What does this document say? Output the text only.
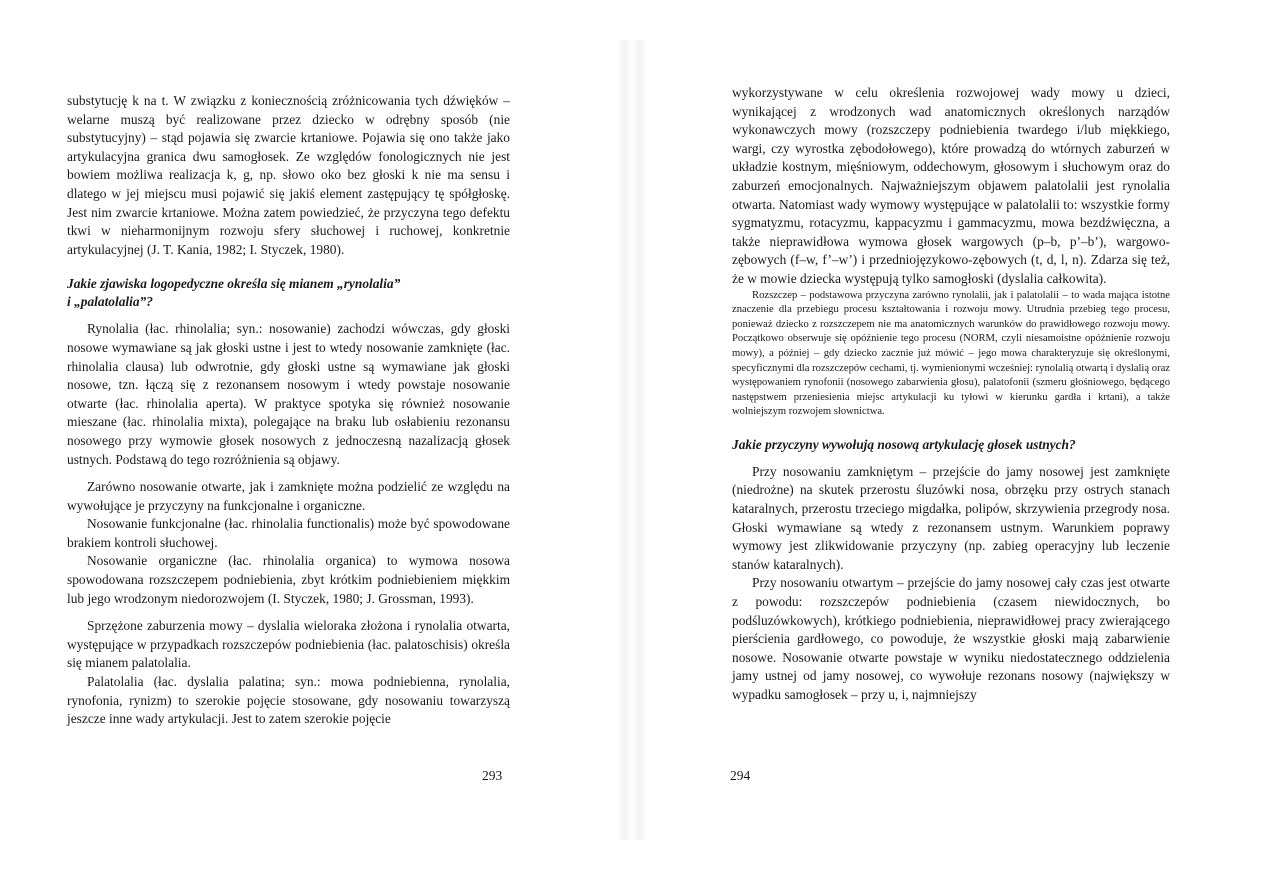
substytucję k na t. W związku z koniecznością zróżnicowania tych dźwięków – welarne muszą być realizowane przez dziecko w odrębny sposób (nie substytucyjny) – stąd pojawia się zwarcie krtaniowe. Pojawia się ono także jako artykulacyjna granica dwu samogłosek. Ze względów fonologicznych nie jest bowiem możliwa realizacja k, g, np. słowo oko bez głoski k nie ma sensu i dlatego w jej miejscu musi pojawić się jakiś element zastępujący tę spółgłoskę. Jest nim zwarcie krtaniowe. Można zatem powiedzieć, że przyczyna tego defektu tkwi w nieharmonijnym rozwoju sfery słuchowej i ruchowej, konkretnie artykulacyjnej (J. T. Kania, 1982; I. Styczek, 1980).

Jakie zjawiska logopedyczne określa się mianem „rynolalia”
i „palatolalia”?

Rynolalia (łac. rhinolalia; syn.: nosowanie) zachodzi wówczas, gdy głoski nosowe wymawiane są jak głoski ustne i jest to wtedy nosowanie zamknięte (łac. rhinolalia clausa) lub odwrotnie, gdy głoski ustne są wymawiane jak głoski nosowe, tzn. łączą się z rezonansem nosowym i wtedy powstaje nosowanie otwarte (łac. rhinolalia aperta). W praktyce spotyka się również nosowanie mieszane (łac. rhinolalia mixta), polegające na braku lub osłabieniu rezonansu nosowego przy wymowie głosek nosowych z jednoczesną nazalizacją głosek ustnych. Podstawą do tego rozróżnienia są objawy.

Zarówno nosowanie otwarte, jak i zamknięte można podzielić ze względu na wywołujące je przyczyny na funkcjonalne i organiczne.

Nosowanie funkcjonalne (łac. rhinolalia functionalis) może być spowodowane brakiem kontroli słuchowej.

Nosowanie organiczne (łac. rhinolalia organica) to wymowa nosowa spowodowana rozszczepem podniebienia, zbyt krótkim podniebieniem miękkim lub jego wrodzonym niedorozwojem (I. Styczek, 1980; J. Grossman, 1993).

Sprzężone zaburzenia mowy – dyslalia wieloraka złożona i rynolalia otwarta, występujące w przypadkach rozszczepów podniebienia (łac. palatoschisis) określa się mianem palatolalia.

Palatolalia (łac. dyslalia palatina; syn.: mowa podniebienna, rynolalia, rynofonia, rynizm) to szerokie pojęcie stosowane, gdy nosowaniu towarzyszą jeszcze inne wady artykulacji. Jest to zatem szerokie pojęcie

293

wykorzystywane w celu określenia rozwojowej wady mowy u dzieci, wynikającej z wrodzonych wad anatomicznych określonych narządów wykonawczych mowy (rozszczepy podniebienia twardego i/lub miękkiego, wargi, czy wyrostka zębodołowego), które prowadzą do wtórnych zaburzeń w układzie kostnym, mięśniowym, oddechowym, głosowym i słuchowym oraz do zaburzeń emocjonalnych. Najważniejszym objawem palatolalii jest rynolalia otwarta. Natomiast wady wymowy występujące w palatolalii to: wszystkie formy sygmatyzmu, rotacyzmu, kappacyzmu i gammacyzmu, mowa bezdźwięczna, a także nieprawidłowa wymowa głosek wargowych (p–b, p’–b’), wargowo-zębowych (f–w, f’–w’) i przedniojęzykowo-zębowych (t, d, l, n). Zdarza się też, że w mowie dziecka występują tylko samogłoski (dyslalia całkowita).

Rozszczep – podstawowa przyczyna zarówno rynolalii, jak i palatolalii – to wada mająca istotne znaczenie dla przebiegu procesu kształtowania i rozwoju mowy. Utrudnia przebieg tego procesu, ponieważ dziecko z rozszczepem nie ma anatomicznych warunków do prawidłowego rozwoju mowy. Początkowo obserwuje się opóźnienie tego procesu (NORM, czyli niesamoistne opóźnienie rozwoju mowy), a później – gdy dziecko zacznie już mówić – jego mowa charakteryzuje się określonymi, specyficznymi dla rozszczepów cechami, tj. wymienionymi wcześniej: rynolalią otwartą i dyslalią oraz występowaniem rynofonii (nosowego zabarwienia głosu), palatofonii (szmeru głośniowego, będącego następstwem przeniesienia miejsc artykulacji ku tyłowi w kierunku gardła i krtani), a także wolniejszym rozwojem słownictwa.

Jakie przyczyny wywołują nosową artykulację głosek ustnych?

Przy nosowaniu zamkniętym – przejście do jamy nosowej jest zamknięte (niedrożne) na skutek przerostu śluzówki nosa, obrzęku przy ostrych stanach kataralnych, przerostu trzeciego migdałka, polipów, skrzywienia przegrody nosa. Głoski wymawiane są wtedy z rezonansem ustnym. Warunkiem poprawy wymowy jest zlikwidowanie przyczyny (np. zabieg operacyjny lub leczenie stanów kataralnych).

Przy nosowaniu otwartym – przejście do jamy nosowej cały czas jest otwarte z powodu: rozszczepów podniebienia (czasem niewidocznych, bo podśluzówkowych), krótkiego podniebienia, nieprawidłowej pracy zwierającego pierścienia gardłowego, co powoduje, że wszystkie głoski mają zabarwienie nosowe. Nosowanie otwarte powstaje w wyniku niedostatecznego oddzielenia jamy ustnej od jamy nosowej, co wywołuje rezonans nosowy (największy w wypadku samogłosek – przy u, i, najmniejszy

294
